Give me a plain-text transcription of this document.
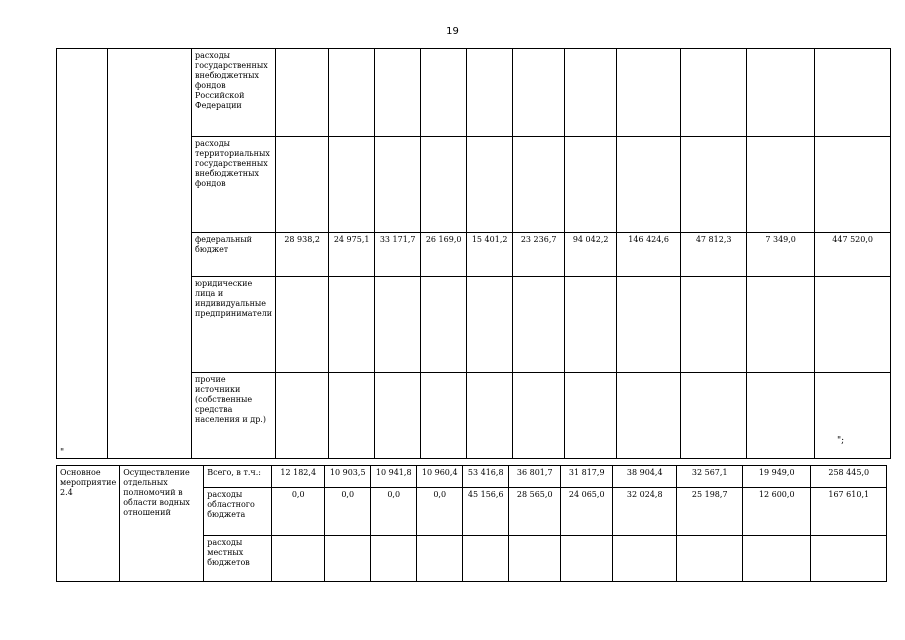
19
		расходы государственных внебюджетных фондов Российской Федерации											
		расходы территориальных государственных внебюджетных фондов											
		федеральный бюджет	28 938,2	24 975,1	33 171,7	26 169,0	15 401,2	23 236,7	94 042,2	146 424,6	47 812,3	7 349,0	447 520,0
		юридические лица и индивидуальные предприниматели											
		прочие источники (собственные средства населения и др.)											
";
"
Основное мероприятие 2.4	Осуществление отдельных полномочий в области водных отношений	Всего, в т.ч.:	12 182,4	10 903,5	10 941,8	10 960,4	53 416,8	36 801,7	31 817,9	38 904,4	32 567,1	19 949,0	258 445,0
		расходы областного бюджета	0,0	0,0	0,0	0,0	45 156,6	28 565,0	24 065,0	32 024,8	25 198,7	12 600,0	167 610,1
		расходы местных бюджетов											
